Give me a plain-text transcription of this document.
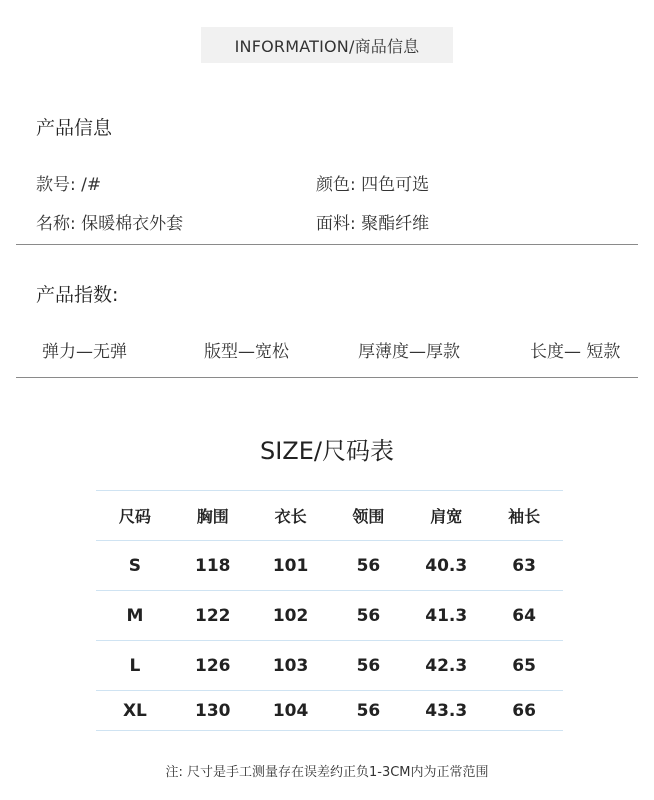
INFORMATION/商品信息
产品信息
款号: /#	颜色: 四色可选
名称: 保暖棉衣外套	面料: 聚酯纤维
产品指数:
弹力—无弹	版型—宽松	厚薄度—厚款	长度— 短款
SIZE/尺码表
尺码	胸围	衣长	领围	肩宽	袖长
S	118	101	56	40.3	63
M	122	102	56	41.3	64
L	126	103	56	42.3	65
XL	130	104	56	43.3	66
注: 尺寸是手工测量存在误差约正负1-3CM内为正常范围
